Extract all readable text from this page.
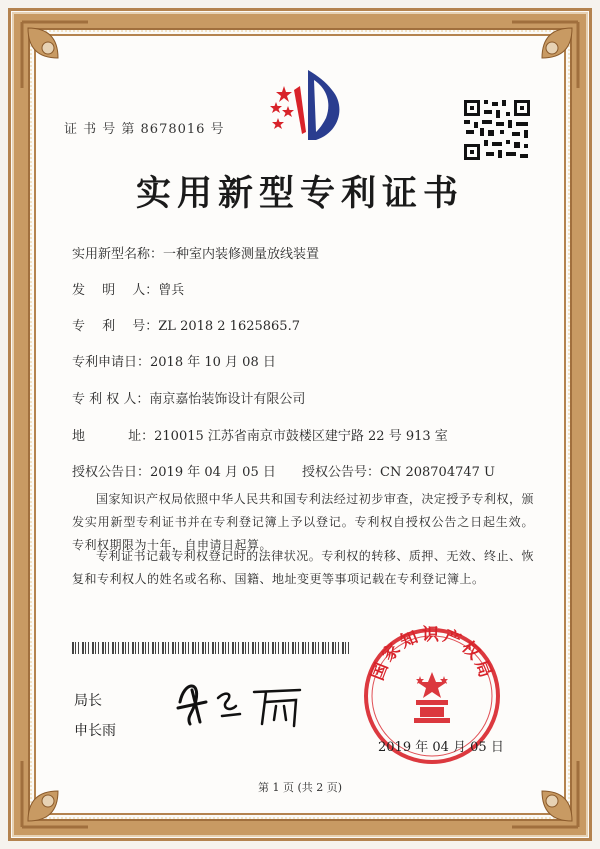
证 书 号 第 8678016 号
实用新型专利证书
实用新型名称：一种室内装修测量放线装置
发　 明　 人：曾兵
专　 利　 号：ZL 2018 2 1625865.7
专利申请日：2018 年 10 月 08 日
专 利 权 人：南京嘉怡装饰设计有限公司
地　　　 址：210015 江苏省南京市鼓楼区建宁路 22 号 913 室
授权公告日：2019 年 04 月 05 日 授权公告号：CN 208704747 U
国家知识产权局依照中华人民共和国专利法经过初步审查，决定授予专利权，颁发实用新型专利证书并在专利登记簿上予以登记。专利权自授权公告之日起生效。专利权期限为十年，自申请日起算。
专利证书记载专利权登记时的法律状况。专利权的转移、质押、无效、终止、恢复和专利权人的姓名或名称、国籍、地址变更等事项记载在专利登记簿上。
局长
申长雨
国家知识产权局
2019 年 04 月 05 日
第 1 页 (共 2 页)
